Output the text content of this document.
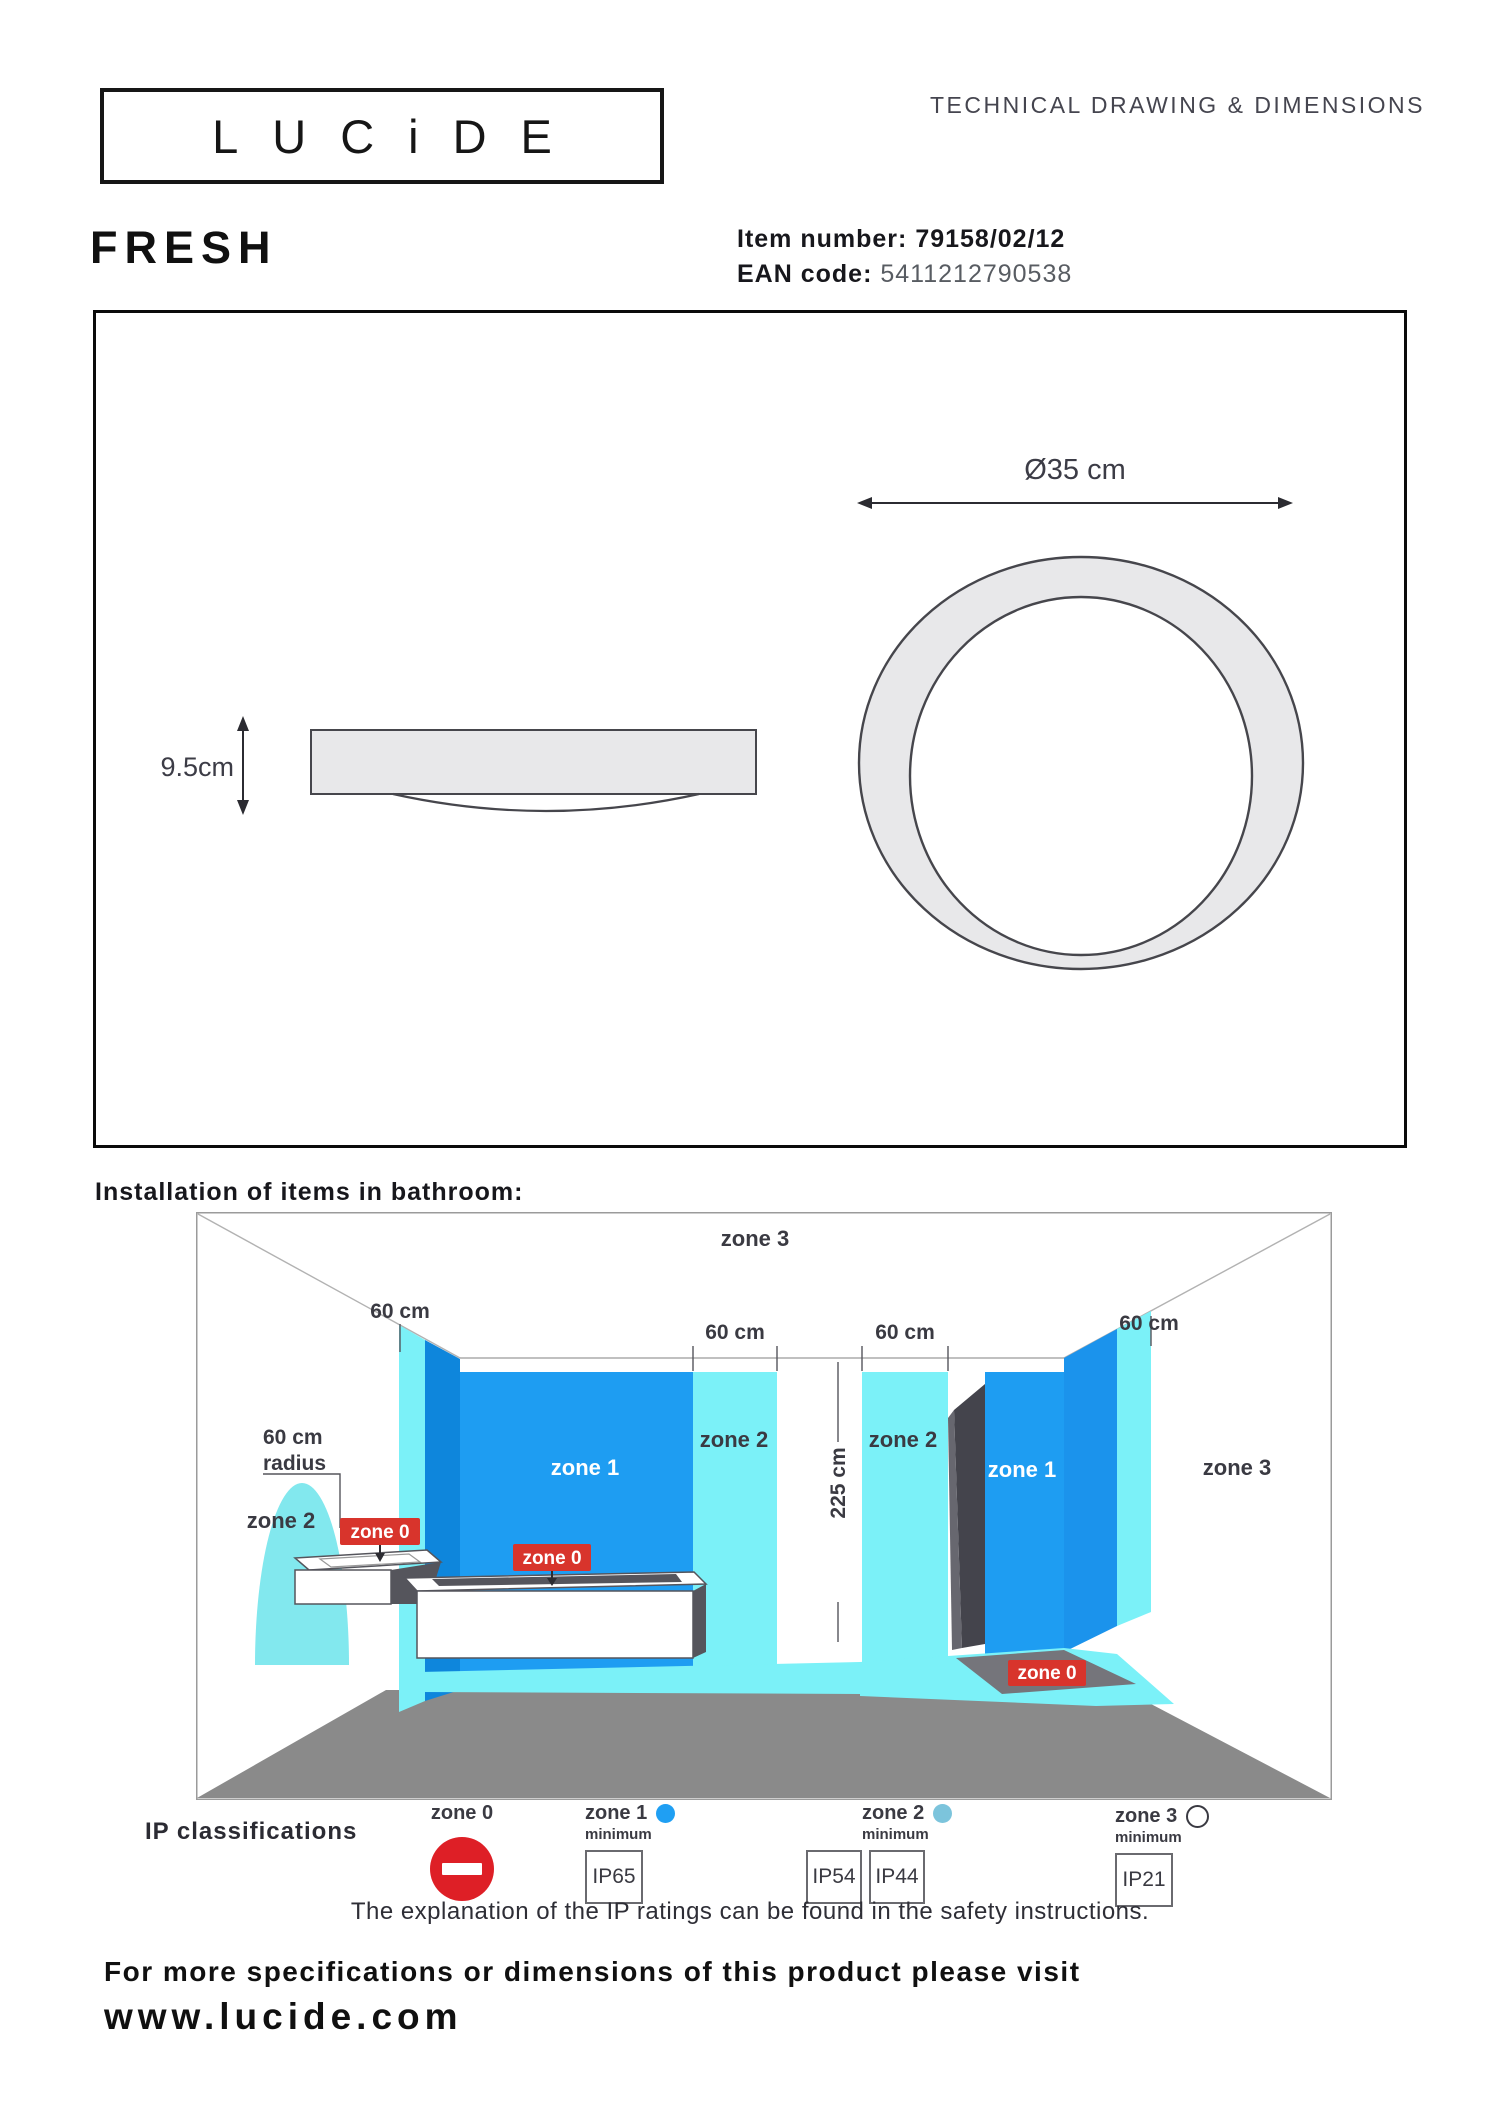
LUCiDE
TECHNICAL DRAWING & DIMENSIONS
FRESH	Item number: 79158/02/12
EAN code: 5411212790538
9.5cm
Ø35 cm
Installation of items in bathroom:
225 cm
zone 3
60 cm
60 cm	60 cm	60 cm
60 cm
radius
zone 2
zone 1
zone 2	zone 2
zone 1	zone 3
zone 0
zone 0
zone 0
IP classifications
zone 0	zone 1
minimum
IP65
zone 2
minimum
IP54 IP44
zone 3
minimum
IP21
The explanation of the IP ratings can be found in the safety instructions.
For more specifications or dimensions of this product please visit
www.lucide.com
